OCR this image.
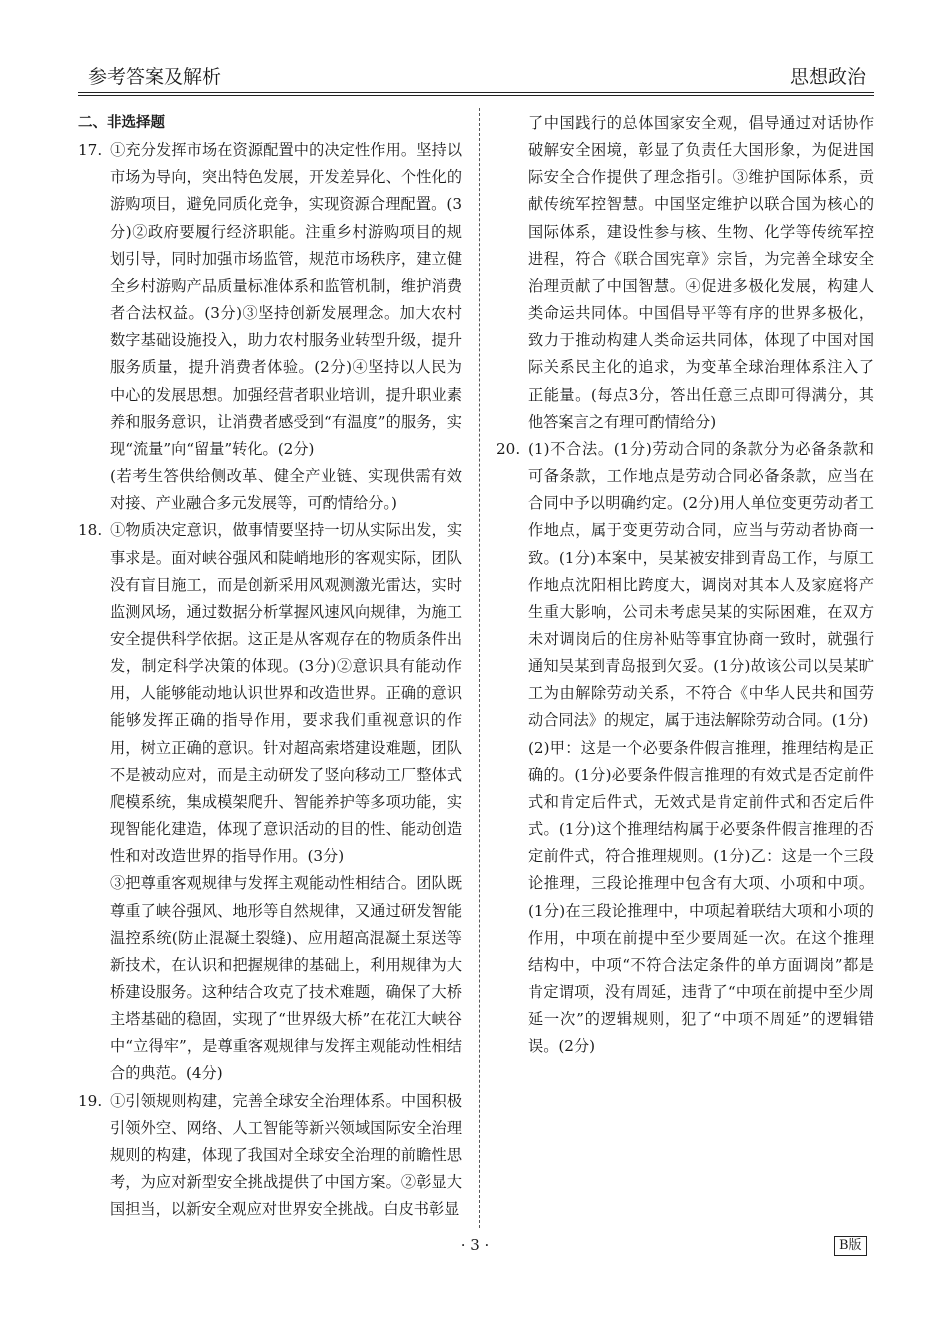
参考答案及解析	思想政治

二、非选择题

17. ①充分发挥市场在资源配置中的决定性作用。坚持以市场为导向，突出特色发展，开发差异化、个性化的游购项目，避免同质化竞争，实现资源合理配置。(3分)②政府要履行经济职能。注重乡村游购项目的规划引导，同时加强市场监管，规范市场秩序，建立健全乡村游购产品质量标准体系和监管机制，维护消费者合法权益。(3分)③坚持创新发展理念。加大农村数字基础设施投入，助力农村服务业转型升级，提升服务质量，提升消费者体验。(2分)④坚持以人民为中心的发展思想。加强经营者职业培训，提升职业素养和服务意识，让消费者感受到“有温度”的服务，实现“流量”向“留量”转化。(2分)

(若考生答供给侧改革、健全产业链、实现供需有效对接、产业融合多元发展等，可酌情给分。)

18. ①物质决定意识，做事情要坚持一切从实际出发，实事求是。面对峡谷强风和陡峭地形的客观实际，团队没有盲目施工，而是创新采用风观测激光雷达，实时监测风场，通过数据分析掌握风速风向规律，为施工安全提供科学依据。这正是从客观存在的物质条件出发，制定科学决策的体现。(3分)②意识具有能动作用，人能够能动地认识世界和改造世界。正确的意识能够发挥正确的指导作用，要求我们重视意识的作用，树立正确的意识。针对超高索塔建设难题，团队不是被动应对，而是主动研发了竖向移动工厂整体式爬模系统，集成模架爬升、智能养护等多项功能，实现智能化建造，体现了意识活动的目的性、能动创造性和对改造世界的指导作用。(3分)

③把尊重客观规律与发挥主观能动性相结合。团队既尊重了峡谷强风、地形等自然规律，又通过研发智能温控系统(防止混凝土裂缝)、应用超高混凝土泵送等新技术，在认识和把握规律的基础上，利用规律为大桥建设服务。这种结合攻克了技术难题，确保了大桥主塔基础的稳固，实现了“世界级大桥”在花江大峡谷中“立得牢”，是尊重客观规律与发挥主观能动性相结合的典范。(4分)

19. ①引领规则构建，完善全球安全治理体系。中国积极引领外空、网络、人工智能等新兴领域国际安全治理规则的构建，体现了我国对全球安全治理的前瞻性思考，为应对新型安全挑战提供了中国方案。②彰显大国担当，以新安全观应对世界安全挑战。白皮书彰显

了中国践行的总体国家安全观，倡导通过对话协作破解安全困境，彰显了负责任大国形象，为促进国际安全合作提供了理念指引。③维护国际体系，贡献传统军控智慧。中国坚定维护以联合国为核心的国际体系，建设性参与核、生物、化学等传统军控进程，符合《联合国宪章》宗旨，为完善全球安全治理贡献了中国智慧。④促进多极化发展，构建人类命运共同体。中国倡导平等有序的世界多极化，致力于推动构建人类命运共同体，体现了中国对国际关系民主化的追求，为变革全球治理体系注入了正能量。(每点3分，答出任意三点即可得满分，其他答案言之有理可酌情给分)

20. (1)不合法。(1分)劳动合同的条款分为必备条款和可备条款，工作地点是劳动合同必备条款，应当在合同中予以明确约定。(2分)用人单位变更劳动者工作地点，属于变更劳动合同，应当与劳动者协商一致。(1分)本案中，吴某被安排到青岛工作，与原工作地点沈阳相比跨度大，调岗对其本人及家庭将产生重大影响，公司未考虑吴某的实际困难，在双方未对调岗后的住房补贴等事宜协商一致时，就强行通知吴某到青岛报到欠妥。(1分)故该公司以吴某旷工为由解除劳动关系，不符合《中华人民共和国劳动合同法》的规定，属于违法解除劳动合同。(1分)

(2)甲：这是一个必要条件假言推理，推理结构是正确的。(1分)必要条件假言推理的有效式是否定前件式和肯定后件式，无效式是肯定前件式和否定后件式。(1分)这个推理结构属于必要条件假言推理的否定前件式，符合推理规则。(1分)乙：这是一个三段论推理，三段论推理中包含有大项、小项和中项。(1分)在三段论推理中，中项起着联结大项和小项的作用，中项在前提中至少要周延一次。在这个推理结构中，中项“不符合法定条件的单方面调岗”都是肯定谓项，没有周延，违背了“中项在前提中至少周延一次”的逻辑规则，犯了“中项不周延”的逻辑错误。(2分)

· 3 ·	B版
